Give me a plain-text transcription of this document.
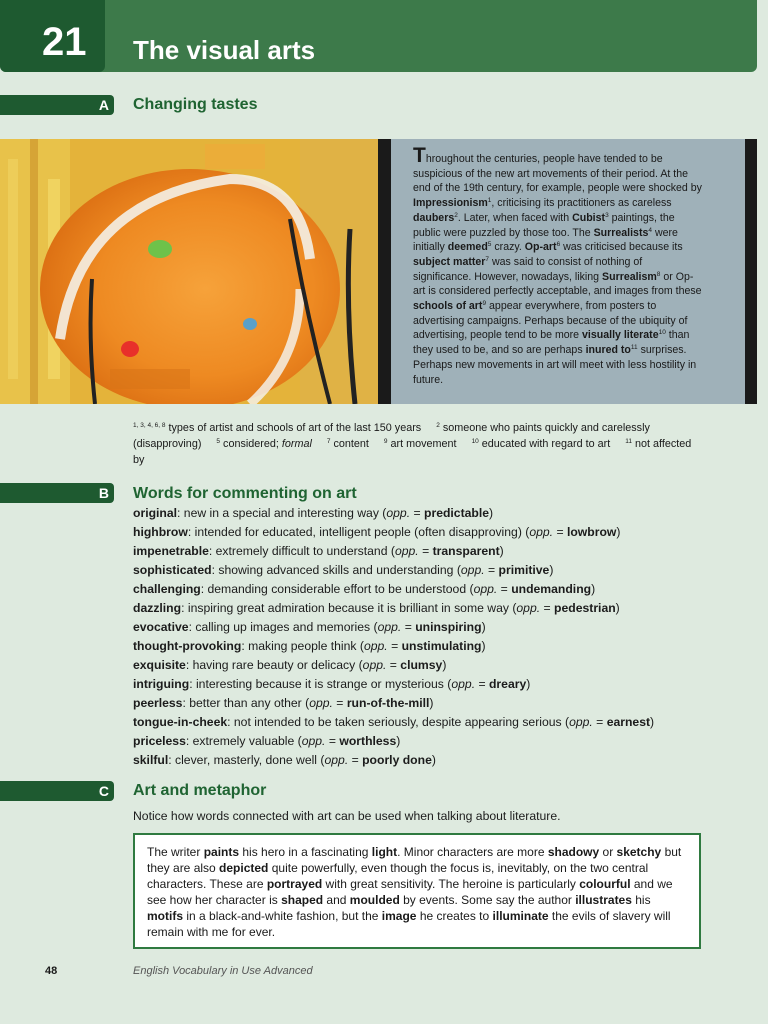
21 The visual arts
A Changing tastes
Throughout the centuries, people have tended to be suspicious of the new art movements of their period. At the end of the 19th century, for example, people were shocked by Impressionism$^1$, criticising its practitioners as careless daubers$^2$. Later, when faced with Cubist$^3$ paintings, the public were puzzled by those too. The Surrealists$^4$ were initially deemed$^5$ crazy. Op-art$^6$ was criticised because its subject matter$^7$ was said to consist of nothing of significance. However, nowadays, liking Surrealism$^8$ or Op-art is considered perfectly acceptable, and images from these schools of art$^9$ appear everywhere, from posters to advertising campaigns. Perhaps because of the ubiquity of advertising, people tend to be more visually literate$^{10}$ than they used to be, and so are perhaps inured $to^{11}$ surprises. Perhaps new movements in art will meet with less hostility in future.
$^{1, 3, 4, 6, 8}$ types of artist and schools of art of the last 150 years $^2$ someone who paints quickly and carelessly (disapproving) $^5$ considered; formal $^7$ content $^9$ art movement $^{10}$ educated with regard to art $^{11}$ not affected by
B Words for commenting on art
original: new in a special and interesting way (opp. = predictable)
highbrow: intended for educated, intelligent people (often disapproving) (opp. = lowbrow)
impenetrable: extremely difficult to understand (opp. = transparent)
sophisticated: showing advanced skills and understanding (opp. = primitive)
challenging: demanding considerable effort to be understood (opp. = undemanding)
dazzling: inspiring great admiration because it is brilliant in some way (opp. = pedestrian)
evocative: calling up images and memories (opp. = uninspiring)
thought-provoking: making people think (opp. = unstimulating)
exquisite: having rare beauty or delicacy (opp. = clumsy)
intriguing: interesting because it is strange or mysterious (opp. = dreary)
peerless: better than any other (opp. = run-of-the-mill)
tongue-in-cheek: not intended to be taken seriously, despite appearing serious (opp. = earnest)
priceless: extremely valuable (opp. = worthless)
skilful: clever, masterly, done well (opp. = poorly done)
C Art and metaphor

Notice how words connected with art can be used when talking about literature.

The writer paints his hero in a fascinating light. Minor characters are more shadowy or sketchy but they are also depicted quite powerfully, even though the focus is, inevitably, on the two central characters. These are portrayed with great sensitivity. The heroine is particularly colourful and we see how her character is shaped and moulded by events. Some say the author illustrates his motifs in a black-and-white fashion, but the image he creates to illuminate the evils of slavery will remain with me for ever.
48	English Vocabulary in Use Advanced
